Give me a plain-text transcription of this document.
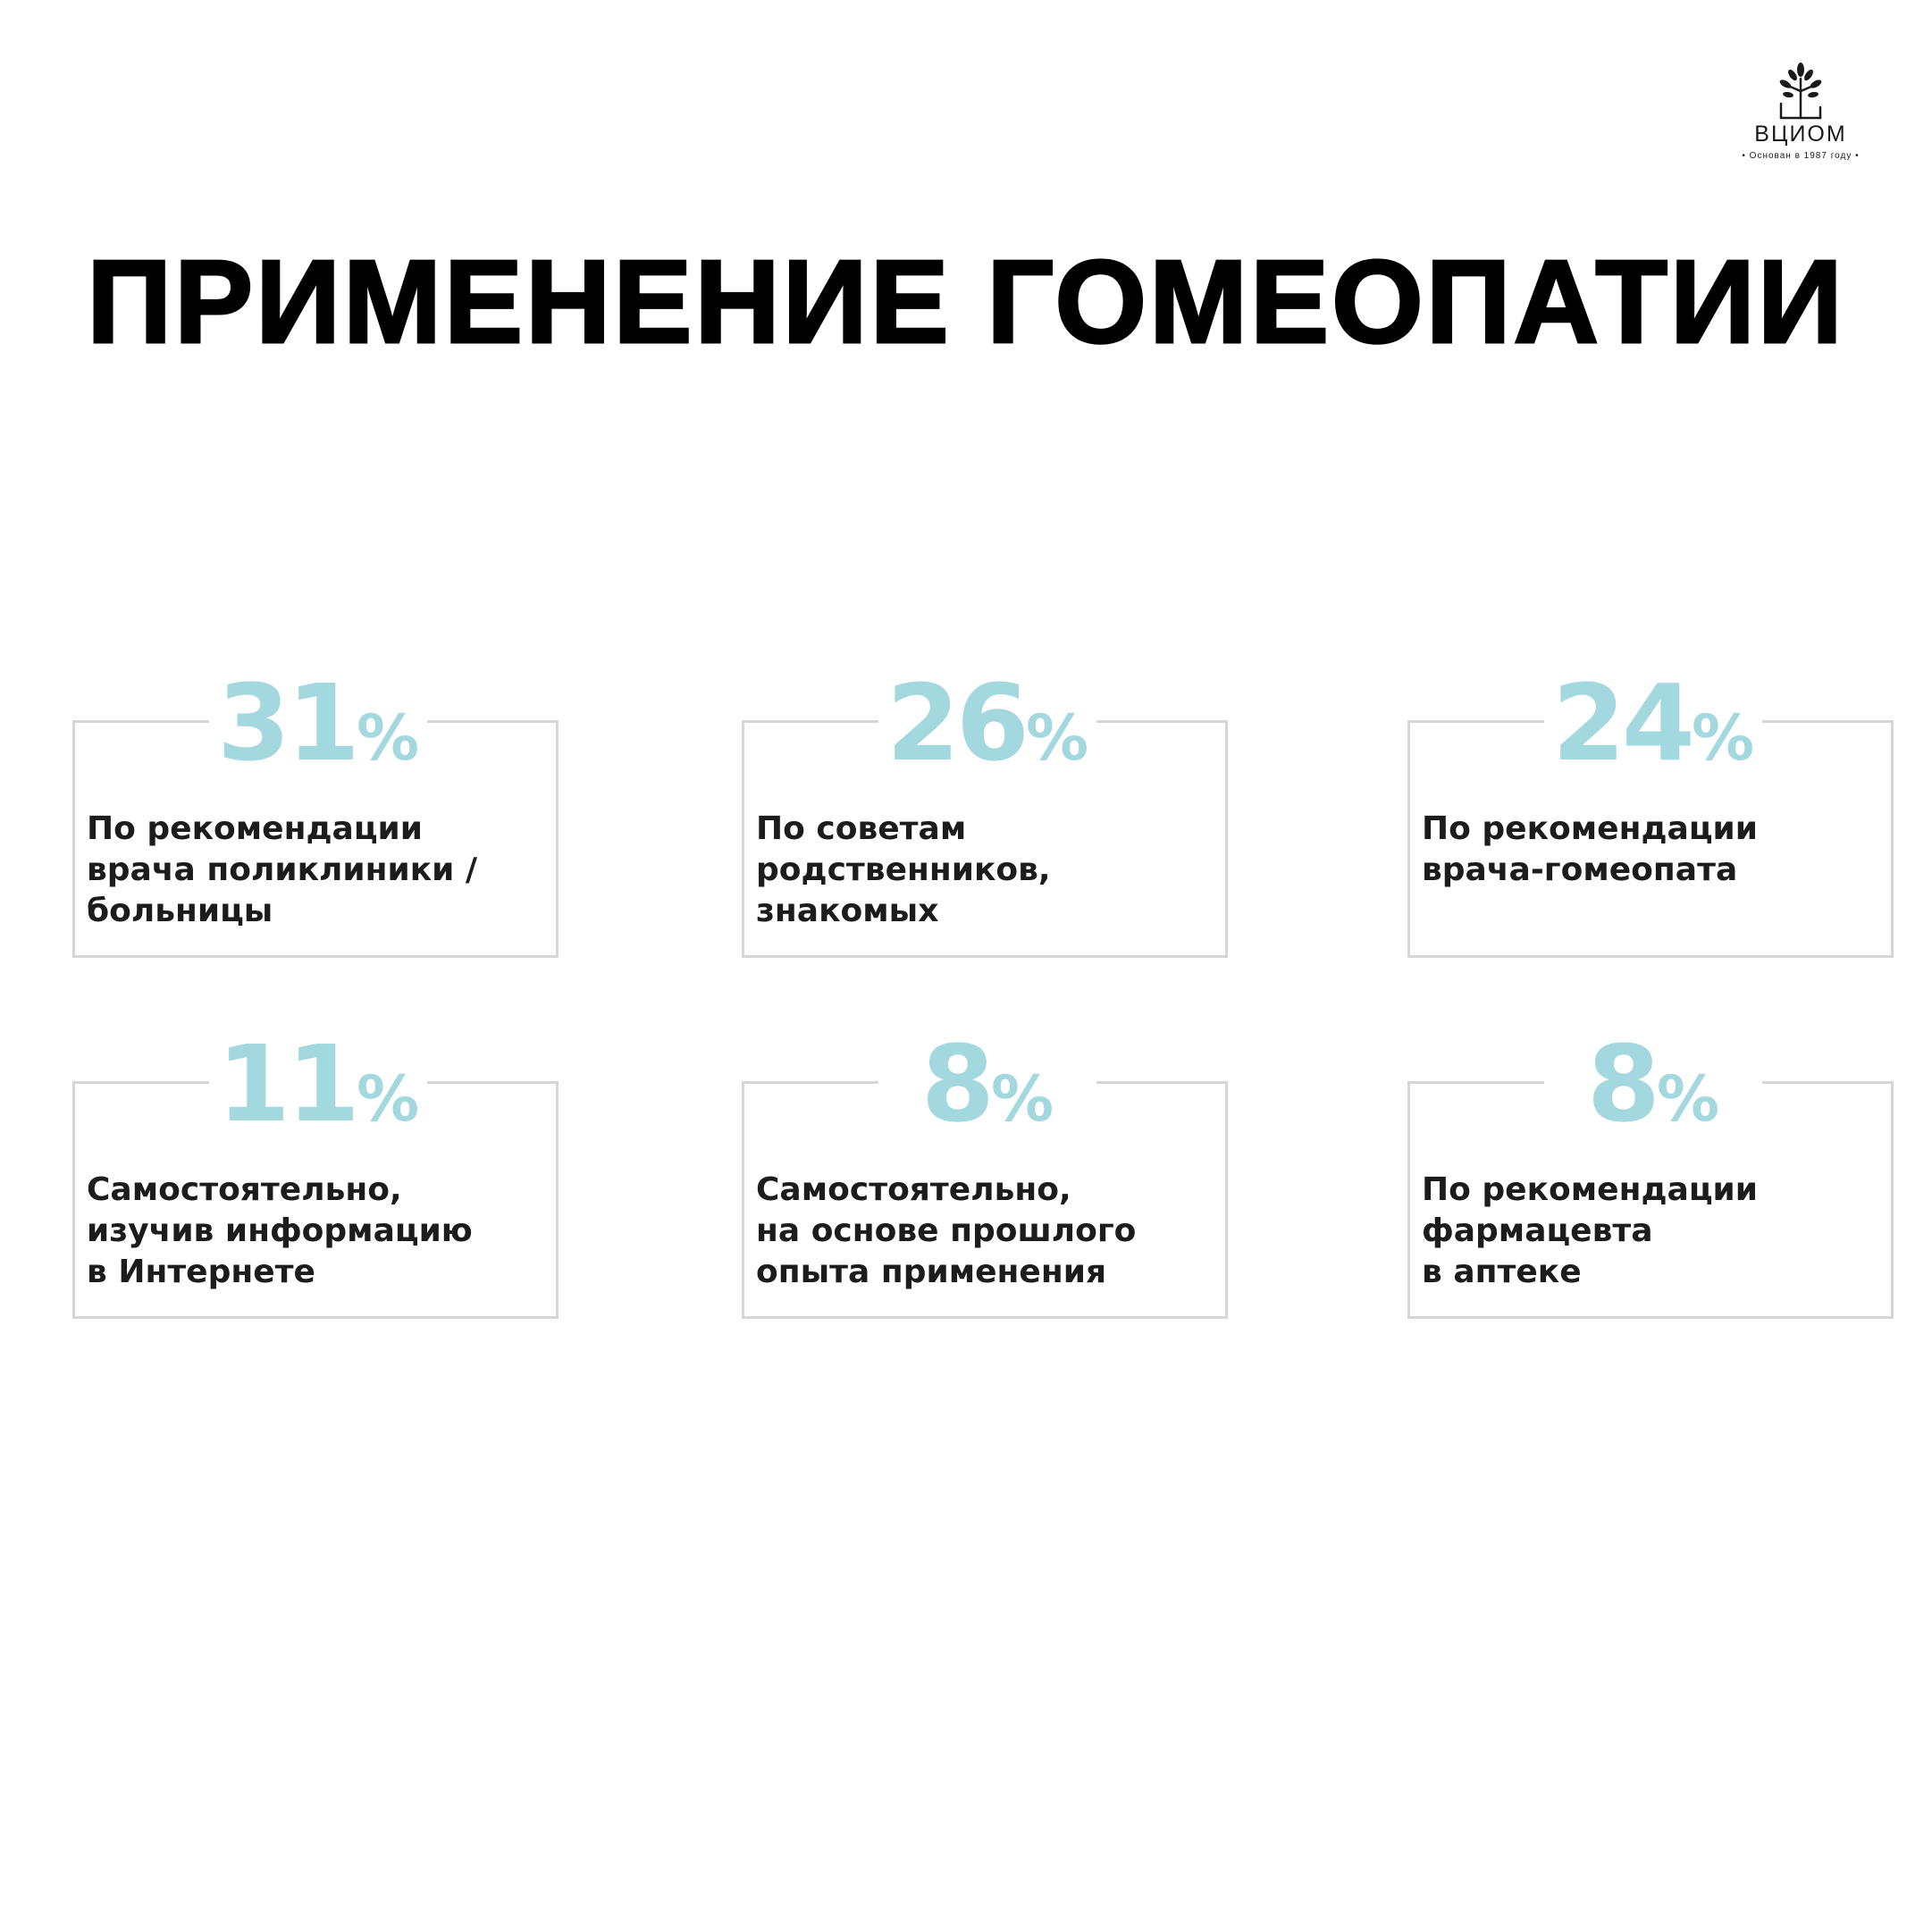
ВЦИОМ
• Основан в 1987 году •
ПРИМЕНЕНИЕ ГОМЕОПАТИИ
31%
По рекомендации
врача поликлиники /
больницы
26%
По советам
родственников,
знакомых
24%
По рекомендации
врача-гомеопата
11%
Самостоятельно,
изучив информацию
в Интернете
8%
Самостоятельно,
на основе прошлого
опыта применения
8%
По рекомендации
фармацевта
в аптеке
